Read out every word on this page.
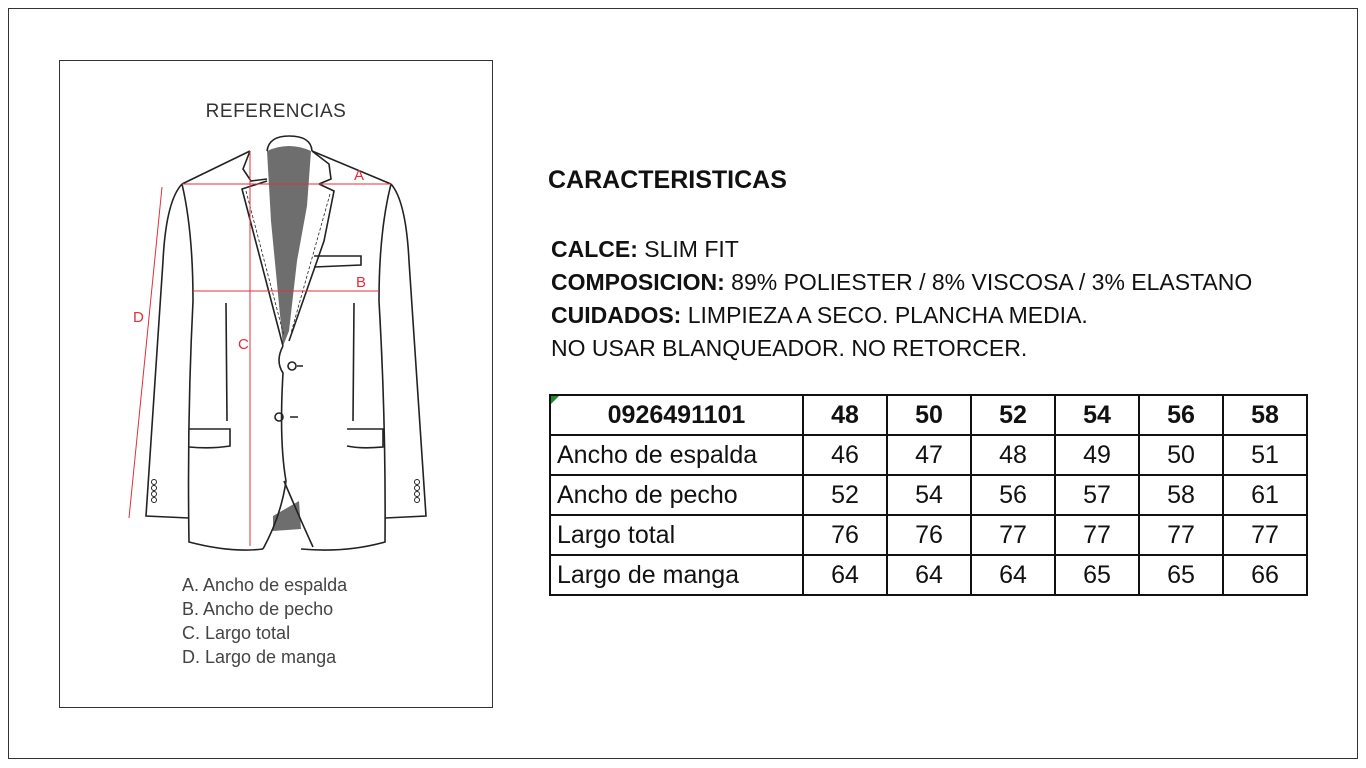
REFERENCIAS
A
B
C
D
A. Ancho de espalda
B. Ancho de pecho
C. Largo total
D. Largo de manga
CARACTERISTICAS
CALCE: SLIM FIT
COMPOSICION: 89% POLIESTER / 8% VISCOSA / 3% ELASTANO
CUIDADOS: LIMPIEZA A SECO. PLANCHA MEDIA.
NO USAR BLANQUEADOR. NO RETORCER.
0926491101	48	50	52	54	56	58
Ancho de espalda	46	47	48	49	50	51
Ancho de pecho	52	54	56	57	58	61
Largo total	76	76	77	77	77	77
Largo de manga	64	64	64	65	65	66
